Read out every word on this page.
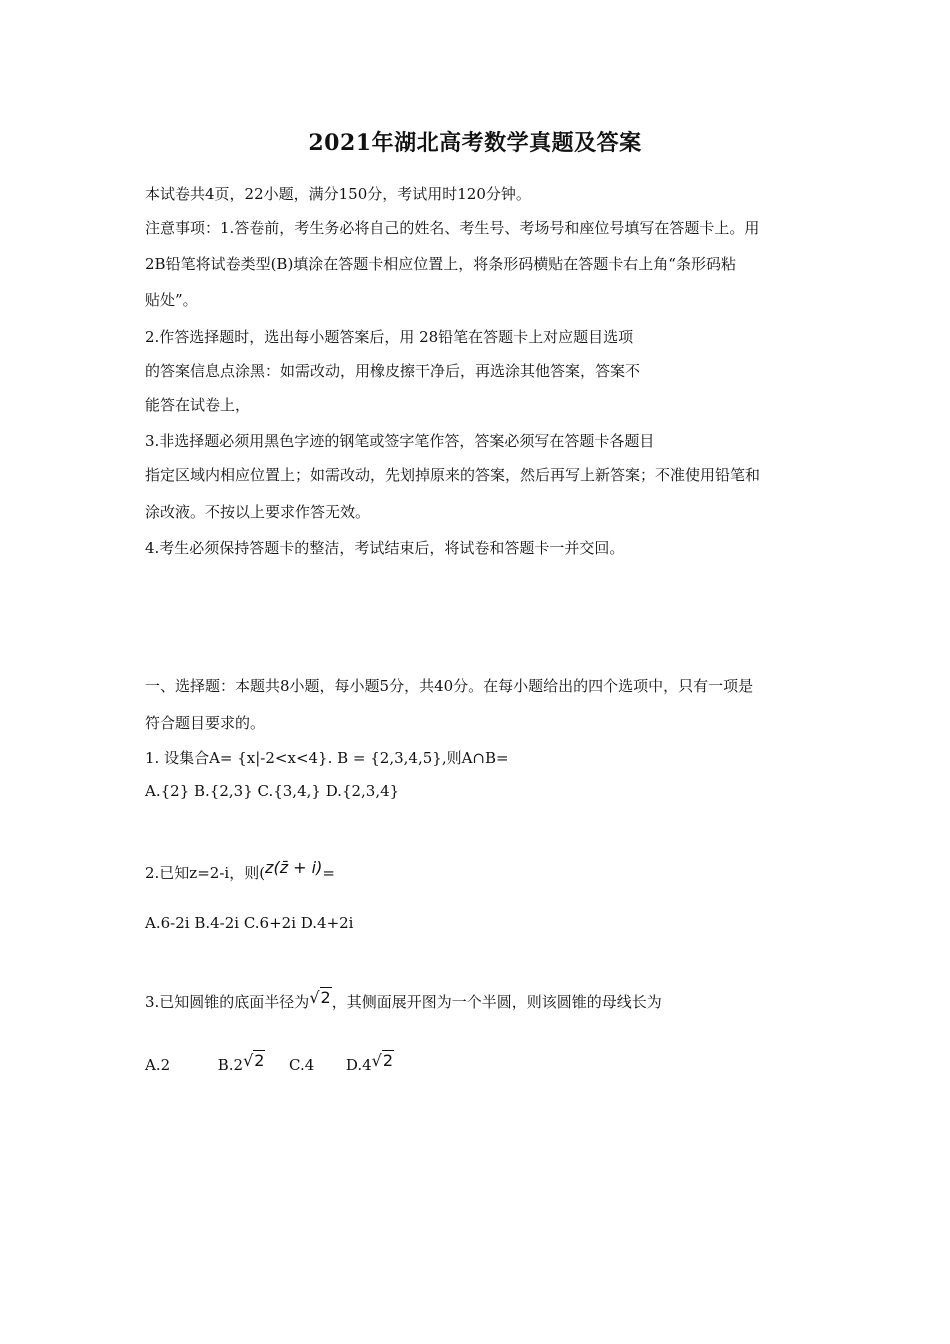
2021年湖北高考数学真题及答案
本试卷共4页，22小题，满分150分，考试用时120分钟。
注意事项：1.答卷前，考生务必将自己的姓名、考生号、考场号和座位号填写在答题卡上。用
2B铅笔将试卷类型(B)填涂在答题卡相应位置上，将条形码横贴在答题卡右上角“条形码粘
贴处”。
2.作答选择题时，选出每小题答案后，用 28铅笔在答题卡上对应题目选项
的答案信息点涂黑：如需改动，用橡皮擦干净后，再选涂其他答案，答案不
能答在试卷上，
3.非选择题必须用黑色字迹的钢笔或签字笔作答，答案必须写在答题卡各题目
指定区域内相应位置上；如需改动，先划掉原来的答案，然后再写上新答案；不准使用铅笔和
涂改液。不按以上要求作答无效。
4.考生必须保持答题卡的整洁，考试结束后，将试卷和答题卡一并交回。
一、选择题：本题共8小题，每小题5分，共40分。在每小题给出的四个选项中，只有一项是
符合题目要求的。
1. 设集合A= {x|-2<x<4}. B = {2,3,4,5},则A∩B=
A.{2} B.{2,3} C.{3,4,} D.{2,3,4}
2.已知z=2-i，则(z(z̄ + i)=
A.6-2i B.4-2i C.6+2i D.4+2i
3.已知圆锥的底面半径为√2，其侧面展开图为一个半圆，则该圆锥的母线长为
A.2	B.2√2 C.4 D.4√2
